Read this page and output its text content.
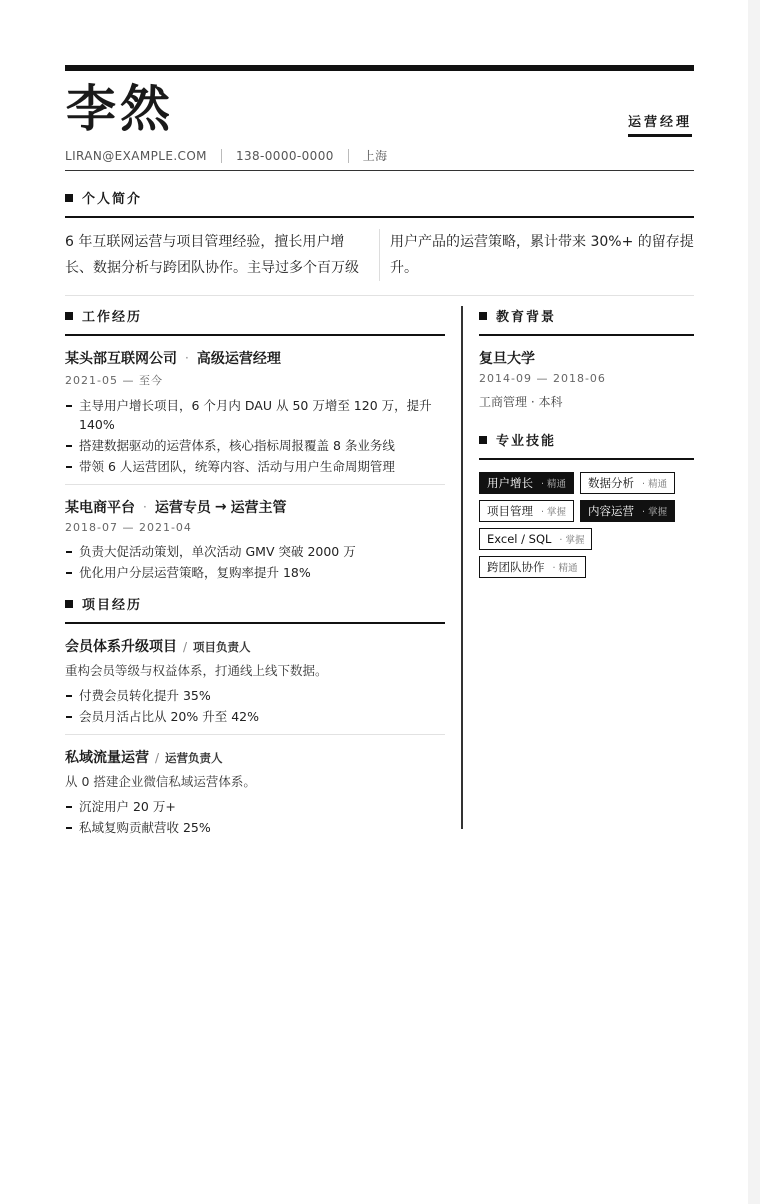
李然	运营经理
LIRAN@EXAMPLE.COM 138-0000-0000 上海
个人简介
6 年互联网运营与项目管理经验，擅长用户增长、数据分析与跨团队协作。主导过多个百万级
用户产品的运营策略，累计带来 30%+ 的留存提升。
工作经历
某头部互联网公司 · 高级运营经理
2021-05 — 至今
主导用户增长项目，6 个月内 DAU 从 50 万增至 120 万，提升 140%
搭建数据驱动的运营体系，核心指标周报覆盖 8 条业务线
带领 6 人运营团队，统筹内容、活动与用户生命周期管理
某电商平台 · 运营专员 → 运营主管
2018-07 — 2021-04
负责大促活动策划，单次活动 GMV 突破 2000 万
优化用户分层运营策略，复购率提升 18%
项目经历
会员体系升级项目 / 项目负责人
重构会员等级与权益体系，打通线上线下数据。
付费会员转化提升 35%
会员月活占比从 20% 升至 42%
私域流量运营 / 运营负责人
从 0 搭建企业微信私域运营体系。
沉淀用户 20 万+
私域复购贡献营收 25%
教育背景
复旦大学
2014-09 — 2018-06
工商管理 · 本科
专业技能
用户增长 · 精通 数据分析 · 精通
项目管理 · 掌握 内容运营 · 掌握
Excel / SQL · 掌握
跨团队协作 · 精通
